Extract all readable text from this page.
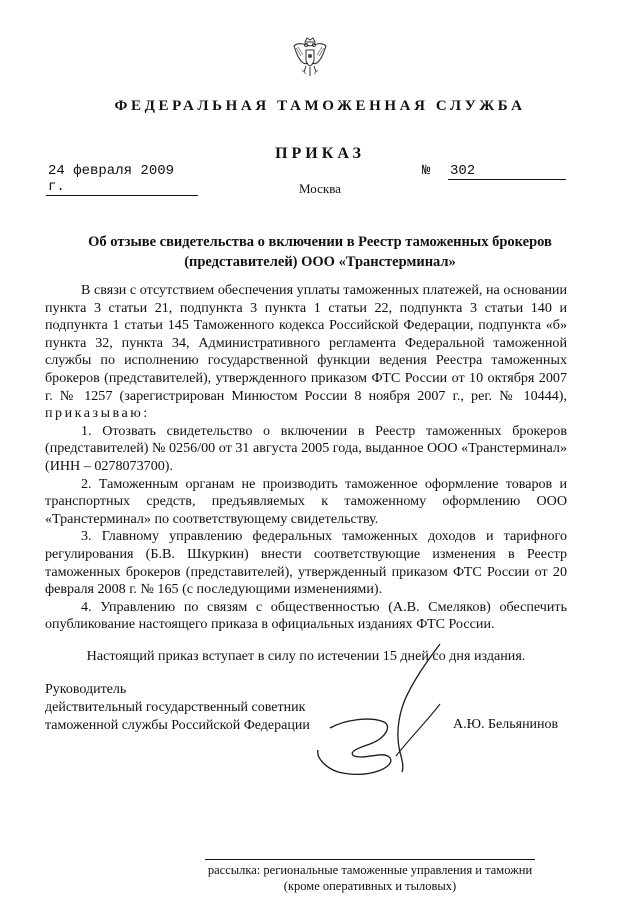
ФЕДЕРАЛЬНАЯ ТАМОЖЕННАЯ СЛУЖБА
ПРИКАЗ
24 февраля 2009 г.
№ 302
Москва
Об отзыве свидетельства о включении в Реестр таможенных брокеров
(представителей) ООО «Транстерминал»

В связи с отсутствием обеспечения уплаты таможенных платежей, на основании пункта 3 статьи 21, подпункта 3 пункта 1 статьи 22, подпункта 3 статьи 140 и подпункта 1 статьи 145 Таможенного кодекса Российской Федерации, подпункта «б» пункта 32, пункта 34, Административного регламента Федеральной таможенной службы по исполнению государственной функции ведения Реестра таможенных брокеров (представителей), утвержденного приказом ФТС России от 10 октября 2007 г. № 1257 (зарегистрирован Минюстом России 8 ноября 2007 г., рег. № 10444), приказываю:

1. Отозвать свидетельство о включении в Реестр таможенных брокеров (представителей) № 0256/00 от 31 августа 2005 года, выданное ООО «Транстерминал» (ИНН – 0278073700).

2. Таможенным органам не производить таможенное оформление товаров и транспортных средств, предъявляемых к таможенному оформлению ООО «Транстерминал» по соответствующему свидетельству.

3. Главному управлению федеральных таможенных доходов и тарифного регулирования (Б.В. Шкуркин) внести соответствующие изменения в Реестр таможенных брокеров (представителей), утвержденный приказом ФТС России от 20 февраля 2008 г. № 165 (с последующими изменениями).

4. Управлению по связям с общественностью (А.В. Смеляков) обеспечить опубликование настоящего приказа в официальных изданиях ФТС России.

Настоящий приказ вступает в силу по истечении 15 дней со дня издания.
Руководитель
действительный государственный советник
таможенной службы Российской Федерации	А.Ю. Бельянинов
рассылка: региональные таможенные управления и таможни
(кроме оперативных и тыловых)
